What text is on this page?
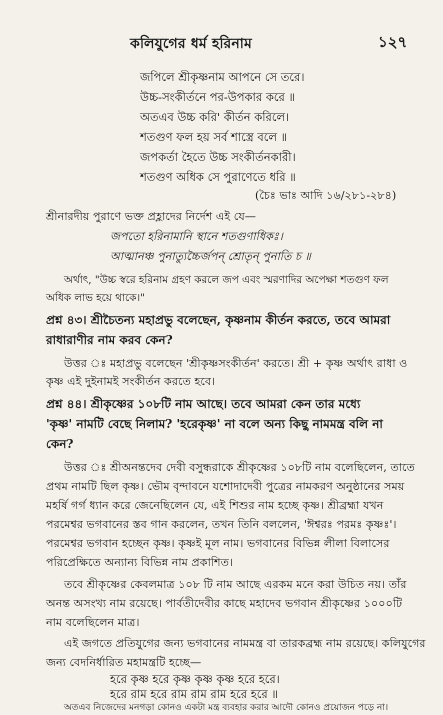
কলিযুগের ধর্ম হরিনাম	১২৭
জপিলে শ্রীকৃষ্ণনাম আপনে সে তরে।
উচ্চ-সংকীর্তনে পর-উপকার করে ॥
অতএব উচ্চ করি' কীর্তন করিলে।
শতগুণ ফল হয় সর্ব শাস্ত্রে বলে ॥
জপকর্তা হৈতে উচ্চ সংকীর্তনকারী।
শতগুণ অধিক সে পুরাণেতে ধরি ॥
(চৈঃ ভাঃ আদি ১৬/২৮১-২৮৪)
শ্রীনারদীয় পুরাণে ভক্ত প্রহ্লাদের নির্দেশ এই যে—
জপতো হরিনামানি স্থানে শতগুণাধিকঃ।
আত্মানঞ্চ পুনাত্যুচ্চৈর্জপন্ শ্রোতৃন্ পুনাতি চ ॥
অর্থাৎ, "উচ্চ স্বরে হরিনাম গ্রহণ করলে জপ এবং স্মরণাদির অপেক্ষা শতগুণ ফল
অধিক লাভ হয়ে থাকে।"
প্রশ্ন ৪৩। শ্রীচৈতন্য মহাপ্রভু বলেছেন, কৃষ্ণনাম কীর্তন করতে, তবে আমরা
রাধারাণীর নাম করব কেন?
উত্তর ঃ মহাপ্রভু বলেছেন 'শ্রীকৃষ্ণসংকীর্তন' করতে। শ্রী + কৃষ্ণ অর্থাৎ রাধা ও
কৃষ্ণ এই দুইনামই সংকীর্তন করতে হবে।
প্রশ্ন ৪৪। শ্রীকৃষ্ণের ১০৮টি নাম আছে। তবে আমরা কেন তার মধ্যে
'কৃষ্ণ' নামটি বেছে নিলাম? 'হরেকৃষ্ণ' না বলে অন্য কিছু নামমন্ত্র বলি না
কেন?
উত্তর ঃ শ্রীঅনন্তদেব দেবী বসুন্ধরাকে শ্রীকৃষ্ণের ১০৮টি নাম বলেছিলেন, তাতে
প্রথম নামটি ছিল কৃষ্ণ। ভৌম বৃন্দাবনে যশোদাদেবী পুত্রের নামকরণ অনুষ্ঠানের সময়
মহর্ষি গর্গ ধ্যান করে জেনেছিলেন যে, এই শিশুর নাম হচ্ছে কৃষ্ণ। শ্রীব্রহ্মা যখন
পরমেশ্বর ভগবানের স্তব গান করলেন, তখন তিনি বললেন, 'ঈশ্বরঃ পরমঃ কৃষ্ণঃ'।
পরমেশ্বর ভগবান হচ্ছেন কৃষ্ণ। কৃষ্ণই মূল নাম। ভগবানের বিভিন্ন লীলা বিলাসের
পরিপ্রেক্ষিতে অন্যান্য বিভিন্ন নাম প্রকাশিত।
তবে শ্রীকৃষ্ণের কেবলমাত্র ১০৮ টি নাম আছে এরকম মনে করা উচিত নয়। তাঁর
অনন্ত অসংখ্য নাম রয়েছে। পার্বতীদেবীর কাছে মহাদেব ভগবান শ্রীকৃষ্ণের ১০০০টি
নাম বলেছিলেন মাত্র।
এই জগতে প্রতিযুগের জন্য ভগবানের নামমন্ত্র বা তারকব্রহ্ম নাম রয়েছে। কলিযুগের
জন্য বেদনির্ধারিত মহামন্ত্রটি হচ্ছে—
হরে কৃষ্ণ হরে কৃষ্ণ কৃষ্ণ কৃষ্ণ হরে হরে।
হরে রাম হরে রাম রাম রাম হরে হরে ॥
অতএব নিজেদের মনগড়া কোনও একটা মন্ত্র ব্যবহার করার আদৌ কোনও প্রয়োজন পড়ে না।
